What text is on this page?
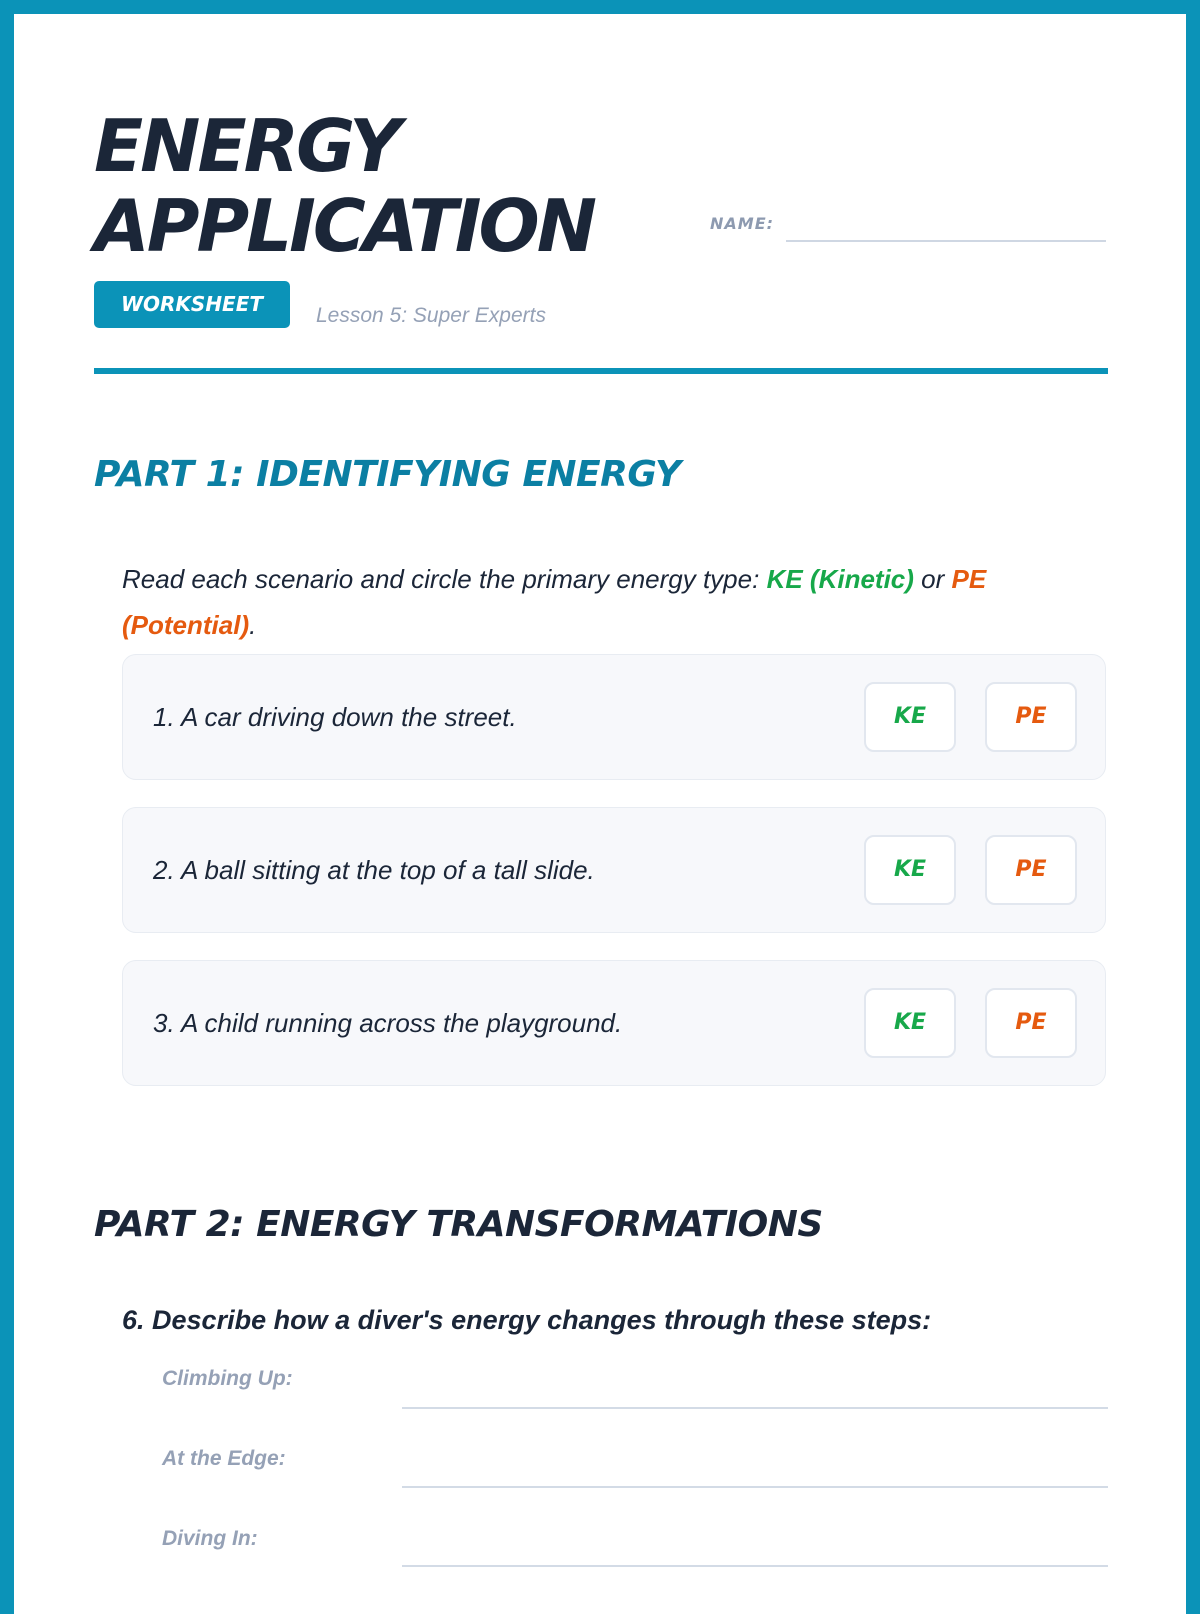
ENERGY
APPLICATION	NAME:
WORKSHEET	Lesson 5: Super Experts
PART 1: IDENTIFYING ENERGY

Read each scenario and circle the primary energy type: KE (Kinetic) or PE (Potential).

1. A car driving down the street.	KE	PE
2. A ball sitting at the top of a tall slide.	KE	PE
3. A child running across the playground.	KE	PE
PART 2: ENERGY TRANSFORMATIONS

6. Describe how a diver's energy changes through these steps:

Climbing Up:
At the Edge:
Diving In:
